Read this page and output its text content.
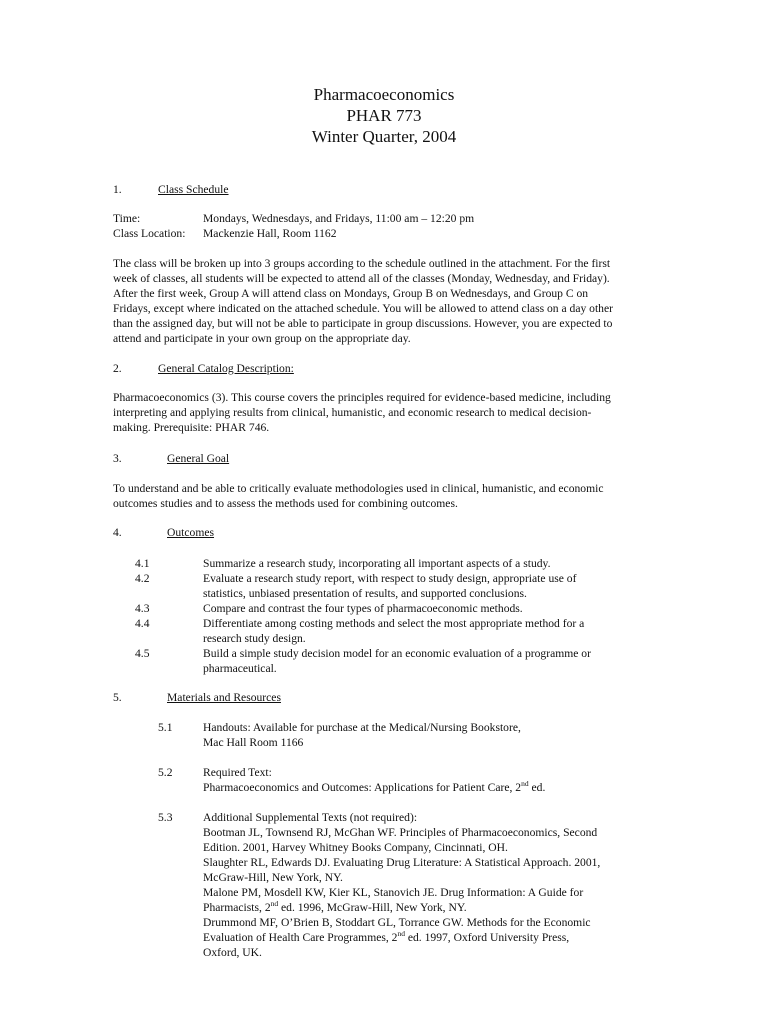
Pharmacoeconomics
PHAR 773
Winter Quarter, 2004
1.	Class Schedule
Time:	Mondays, Wednesdays, and Fridays, 11:00 am – 12:20 pm
Class Location: Mackenzie Hall, Room 1162
The class will be broken up into 3 groups according to the schedule outlined in the attachment. For the first
week of classes, all students will be expected to attend all of the classes (Monday, Wednesday, and Friday).
After the first week, Group A will attend class on Mondays, Group B on Wednesdays, and Group C on
Fridays, except where indicated on the attached schedule. You will be allowed to attend class on a day other
than the assigned day, but will not be able to participate in group discussions. However, you are expected to
attend and participate in your own group on the appropriate day.
2.	General Catalog Description:
Pharmacoeconomics (3). This course covers the principles required for evidence-based medicine, including
interpreting and applying results from clinical, humanistic, and economic research to medical decision-
making. Prerequisite: PHAR 746.
3.	General Goal
To understand and be able to critically evaluate methodologies used in clinical, humanistic, and economic
outcomes studies and to assess the methods used for combining outcomes.
4.	Outcomes
4.1	Summarize a research study, incorporating all important aspects of a study.
4.2	Evaluate a research study report, with respect to study design, appropriate use of
statistics, unbiased presentation of results, and supported conclusions.
4.3	Compare and contrast the four types of pharmacoeconomic methods.
4.4	Differentiate among costing methods and select the most appropriate method for a
research study design.
4.5	Build a simple study decision model for an economic evaluation of a programme or
pharmaceutical.
5.	Materials and Resources
5.1	Handouts: Available for purchase at the Medical/Nursing Bookstore,
Mac Hall Room 1166
5.2	Required Text:
Pharmacoeconomics and Outcomes: Applications for Patient Care, 2nd ed.
5.3	Additional Supplemental Texts (not required):
Bootman JL, Townsend RJ, McGhan WF. Principles of Pharmacoeconomics, Second
Edition. 2001, Harvey Whitney Books Company, Cincinnati, OH.
Slaughter RL, Edwards DJ. Evaluating Drug Literature: A Statistical Approach. 2001,
McGraw-Hill, New York, NY.
Malone PM, Mosdell KW, Kier KL, Stanovich JE. Drug Information: A Guide for
Pharmacists, 2nd ed. 1996, McGraw-Hill, New York, NY.
Drummond MF, O’Brien B, Stoddart GL, Torrance GW. Methods for the Economic
Evaluation of Health Care Programmes, 2nd ed. 1997, Oxford University Press,
Oxford, UK.
